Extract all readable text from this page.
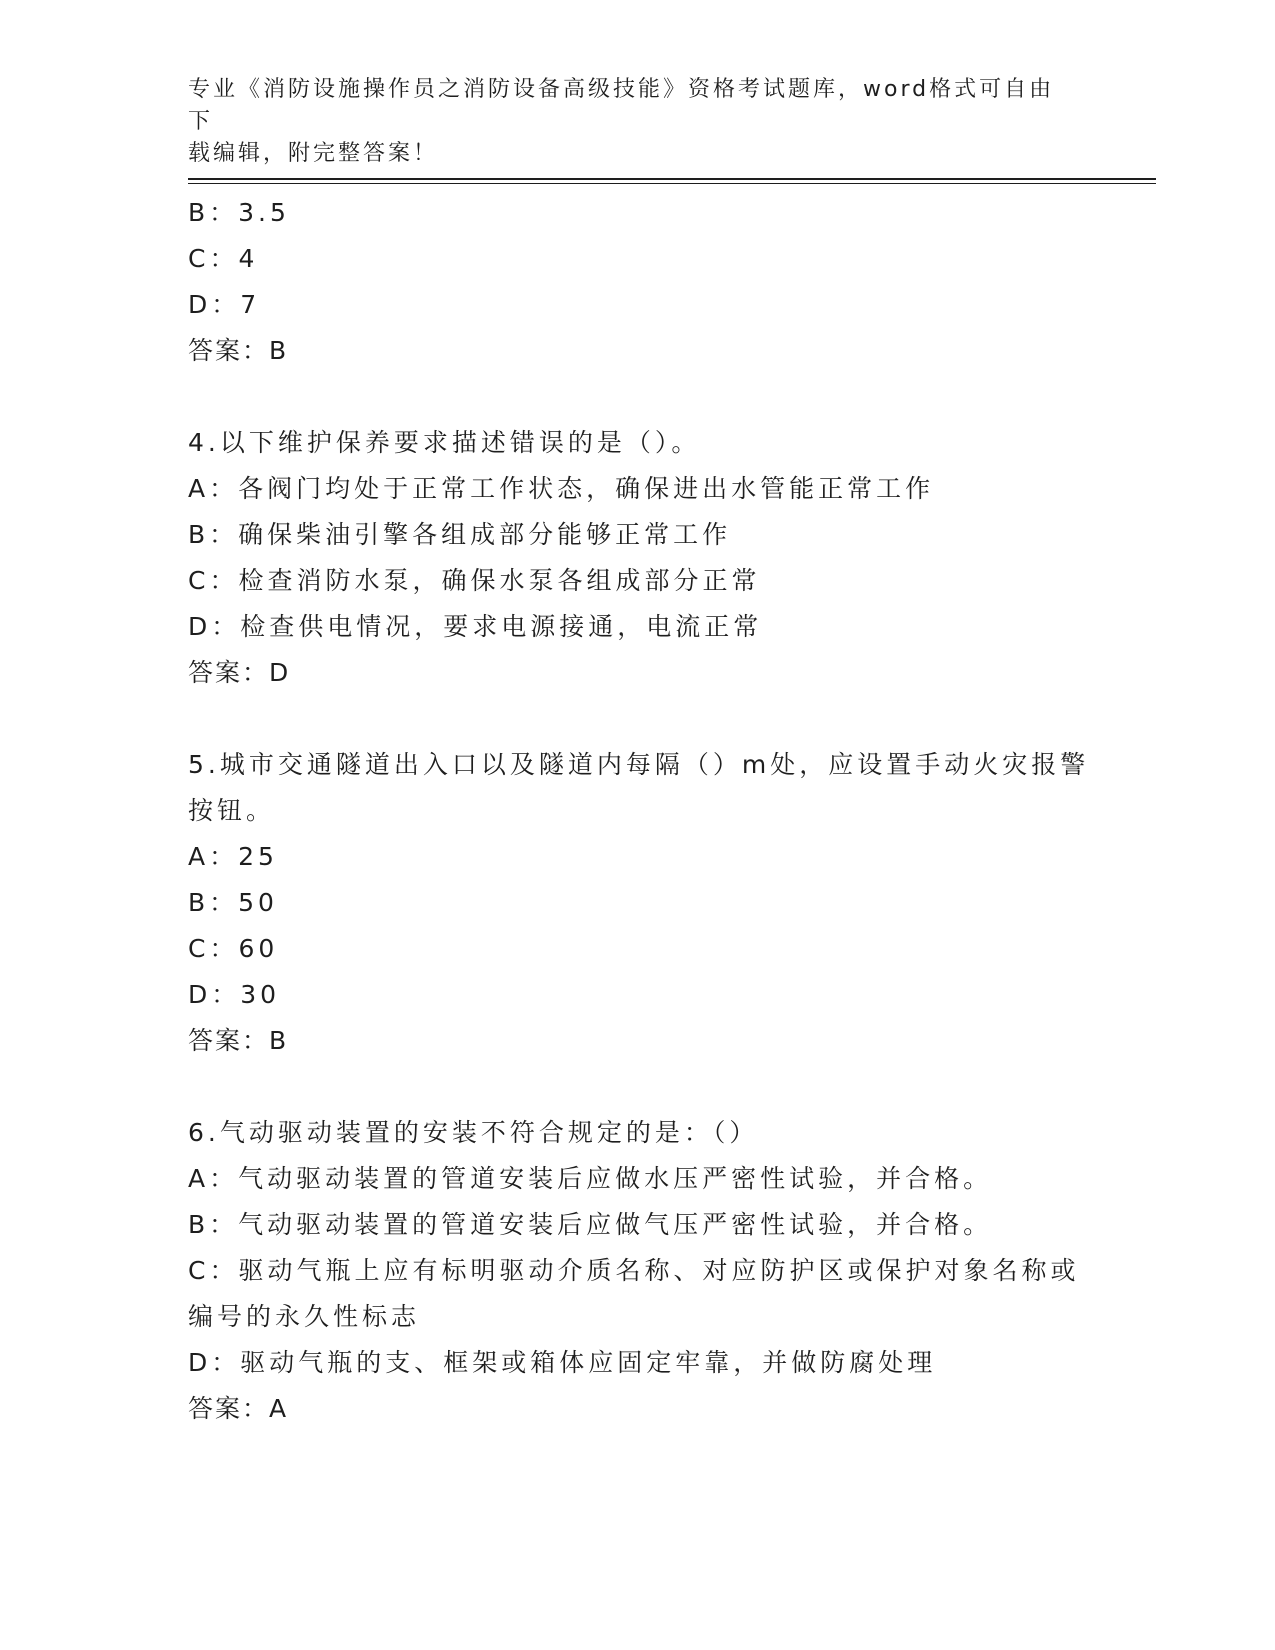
专业《消防设施操作员之消防设备高级技能》资格考试题库，word格式可自由下
载编辑，附完整答案！
B：3.5
C：4
D：7
答案：B
4.以下维护保养要求描述错误的是（）。
A：各阀门均处于正常工作状态，确保进出水管能正常工作
B：确保柴油引擎各组成部分能够正常工作
C：检查消防水泵，确保水泵各组成部分正常
D：检查供电情况，要求电源接通，电流正常
答案：D
5.城市交通隧道出入口以及隧道内每隔（）m处，应设置手动火灾报警
按钮。
A：25
B：50
C：60
D：30
答案：B
6.气动驱动装置的安装不符合规定的是：（）
A：气动驱动装置的管道安装后应做水压严密性试验，并合格。
B：气动驱动装置的管道安装后应做气压严密性试验，并合格。
C：驱动气瓶上应有标明驱动介质名称、对应防护区或保护对象名称或
编号的永久性标志
D：驱动气瓶的支、框架或箱体应固定牢靠，并做防腐处理
答案：A
